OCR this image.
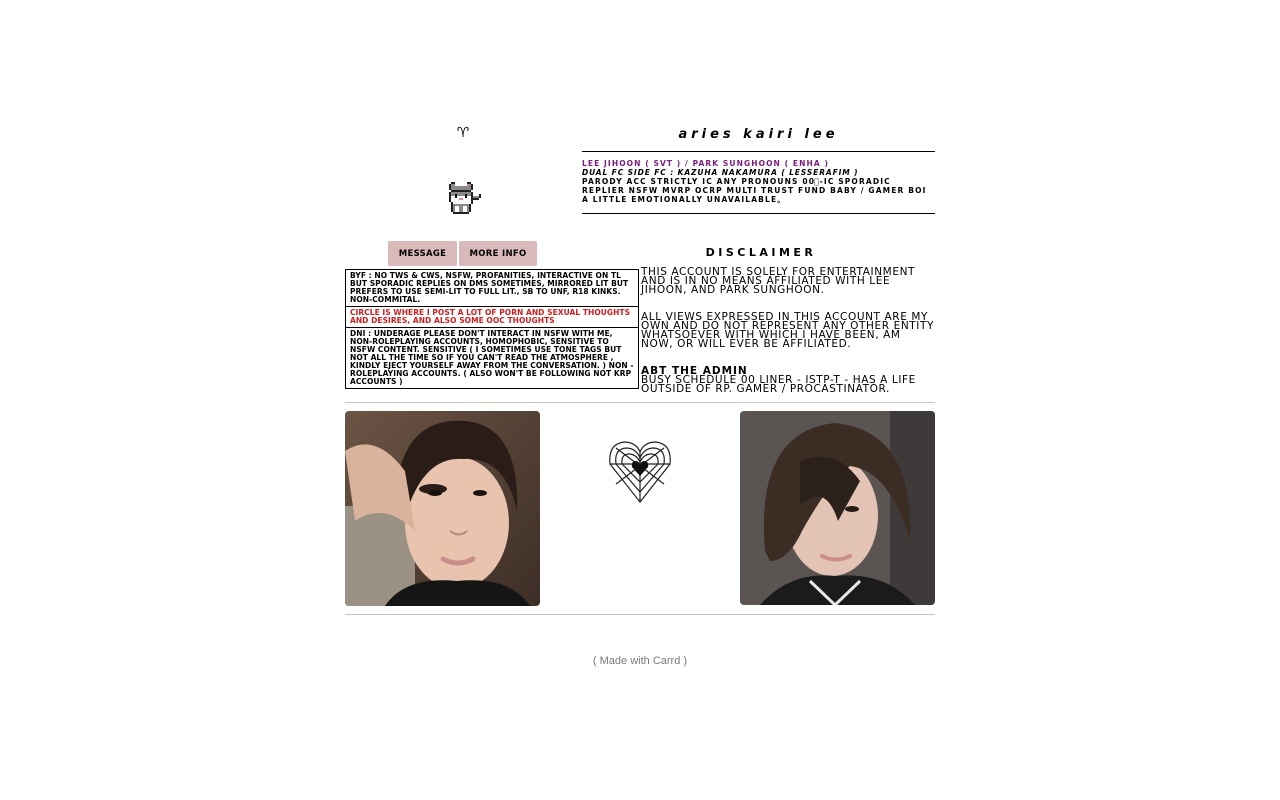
♈	aries kairi lee
LEE JIHOON ( SVT ) / PARK SUNGHOON ( ENHA )
DUAL FC SIDE FC : KAZUHA NAKAMURA ( LESSERAFIM )
PARODY ACC STRICTLY IC ANY PRONOUNS 00⃝-IC SPORADIC REPLIER NSFW MVRP OCRP MULTI TRUST FUND BABY / GAMER BOI A LITTLE EMOTIONALLY UNAVAILABLE。
MESSAGE	MORE INFO	DISCLAIMER
BYF : NO TWS & CWS, NSFW, PROFANITIES, INTERACTIVE ON TL BUT SPORADIC REPLIES ON DMS SOMETIMES, MIRRORED LIT BUT PREFERS TO USE SEMI-LIT TO FULL LIT., SB TO UNF, R18 KINKS. NON-COMMITAL.
CIRCLE IS WHERE I POST A LOT OF PORN AND SEXUAL THOUGHTS AND DESIRES, AND ALSO SOME OOC THOUGHTS
DNI : UNDERAGE PLEASE DON'T INTERACT IN NSFW WITH ME, NON-ROLEPLAYING ACCOUNTS, HOMOPHOBIC, SENSITIVE TO NSFW CONTENT. SENSITIVE ( I SOMETIMES USE TONE TAGS BUT NOT ALL THE TIME SO IF YOU CAN'T READ THE ATMOSPHERE , KINDLY EJECT YOURSELF AWAY FROM THE CONVERSATION. ) NON - ROLEPLAYING ACCOUNTS. ( ALSO WON'T BE FOLLOWING NOT KRP ACCOUNTS )

THIS ACCOUNT IS SOLELY FOR ENTERTAINMENT AND IS IN NO MEANS AFFILIATED WITH LEE JIHOON, AND PARK SUNGHOON.

ALL VIEWS EXPRESSED IN THIS ACCOUNT ARE MY OWN AND DO NOT REPRESENT ANY OTHER ENTITY WHATSOEVER WITH WHICH I HAVE BEEN, AM NOW, OR WILL EVER BE AFFILIATED.

ABT THE ADMIN
BUSY SCHEDULE 00 LINER - ISTP-T - HAS A LIFE OUTSIDE OF RP. GAMER / PROCASTINATOR.
( Made with Carrd )
